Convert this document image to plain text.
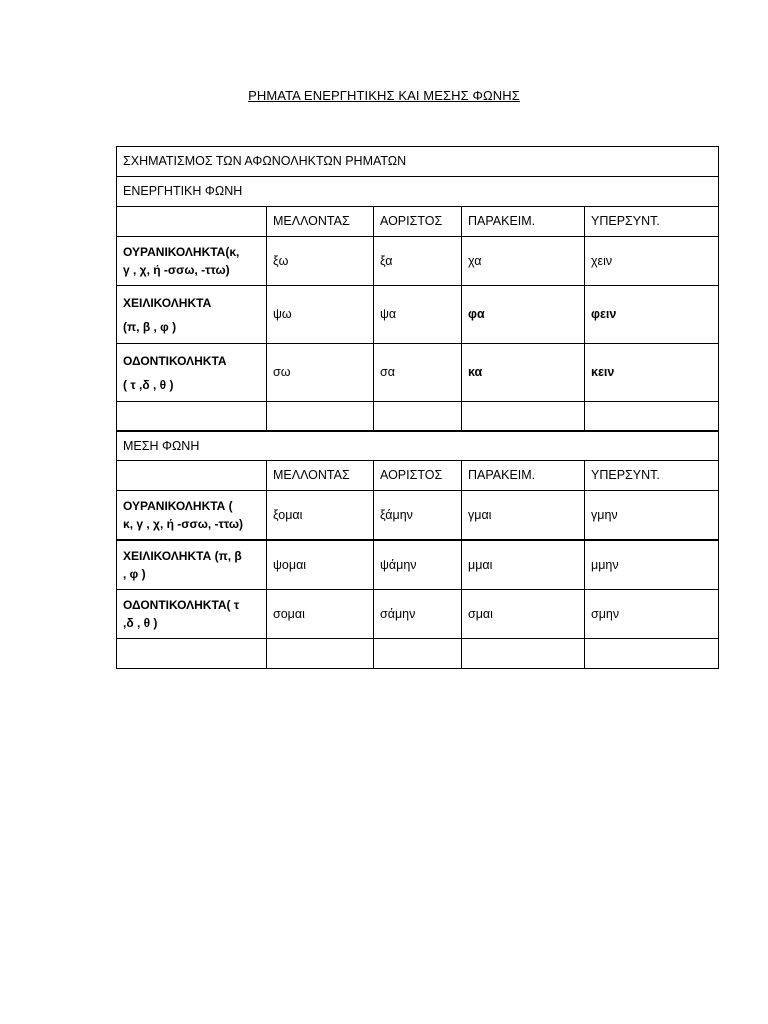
ΡΗΜΑΤΑ ΕΝΕΡΓΗΤΙΚΗΣ ΚΑΙ ΜΕΣΗΣ ΦΩΝΗΣ
ΣΧΗΜΑΤΙΣΜΟΣ ΤΩΝ ΑΦΩΝΟΛΗΚΤΩΝ ΡΗΜΑΤΩΝ				
ΕΝΕΡΓΗΤΙΚΗ ΦΩΝΗ				
	ΜΕΛΛΟΝΤΑΣ	ΑΟΡΙΣΤΟΣ	ΠΑΡΑΚΕΙΜ.	ΥΠΕΡΣΥΝΤ.

ΟΥΡΑΝΙΚΟΛΗΚΤΑ(κ,
γ , χ, ή -σσω, -ττω)	ξω	ξα	χα	χειν

ΧΕΙΛΙΚΟΛΗΚΤΑ
(π, β , φ )	ψω	ψα	φα	φειν

ΟΔΟΝΤΙΚΟΛΗΚΤΑ
( τ ,δ , θ )	σω	σα	κα	κειν

ΜΕΣΗ ΦΩΝΗ				
	ΜΕΛΛΟΝΤΑΣ	ΑΟΡΙΣΤΟΣ	ΠΑΡΑΚΕΙΜ.	ΥΠΕΡΣΥΝΤ.

ΟΥΡΑΝΙΚΟΛΗΚΤΑ (
κ, γ , χ, ή -σσω, -ττω)	ξομαι	ξάμην	γμαι	γμην

ΧΕΙΛΙΚΟΛΗΚΤΑ (π, β
, φ )	ψομαι	ψάμην	μμαι	μμην

ΟΔΟΝΤΙΚΟΛΗΚΤΑ( τ
,δ , θ )	σομαι	σάμην	σμαι	σμην
